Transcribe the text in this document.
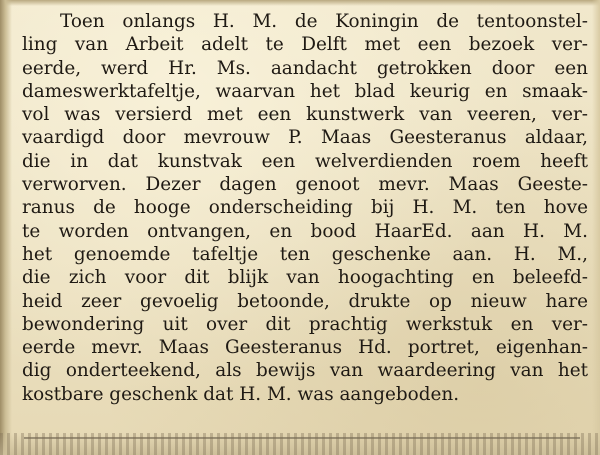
Toen onlangs H. M. de Koningin de tentoonstel-
ling van Arbeit adelt te Delft met een bezoek ver-
eerde, werd Hr. Ms. aandacht getrokken door een
dameswerktafeltje, waarvan het blad keurig en smaak-
vol was versierd met een kunstwerk van veeren, ver-
vaardigd door mevrouw P. Maas Geesteranus aldaar,
die in dat kunstvak een welverdienden roem heeft
verworven. Dezer dagen genoot mevr. Maas Geeste-
ranus de hooge onderscheiding bij H. M. ten hove
te worden ontvangen, en bood HaarEd. aan H. M.
het genoemde tafeltje ten geschenke aan. H. M.,
die zich voor dit blijk van hoogachting en beleefd-
heid zeer gevoelig betoonde, drukte op nieuw hare
bewondering uit over dit prachtig werkstuk en ver-
eerde mevr. Maas Geesteranus Hd. portret, eigenhan-
dig onderteekend, als bewijs van waardeering van het
kostbare geschenk dat H. M. was aangeboden.
